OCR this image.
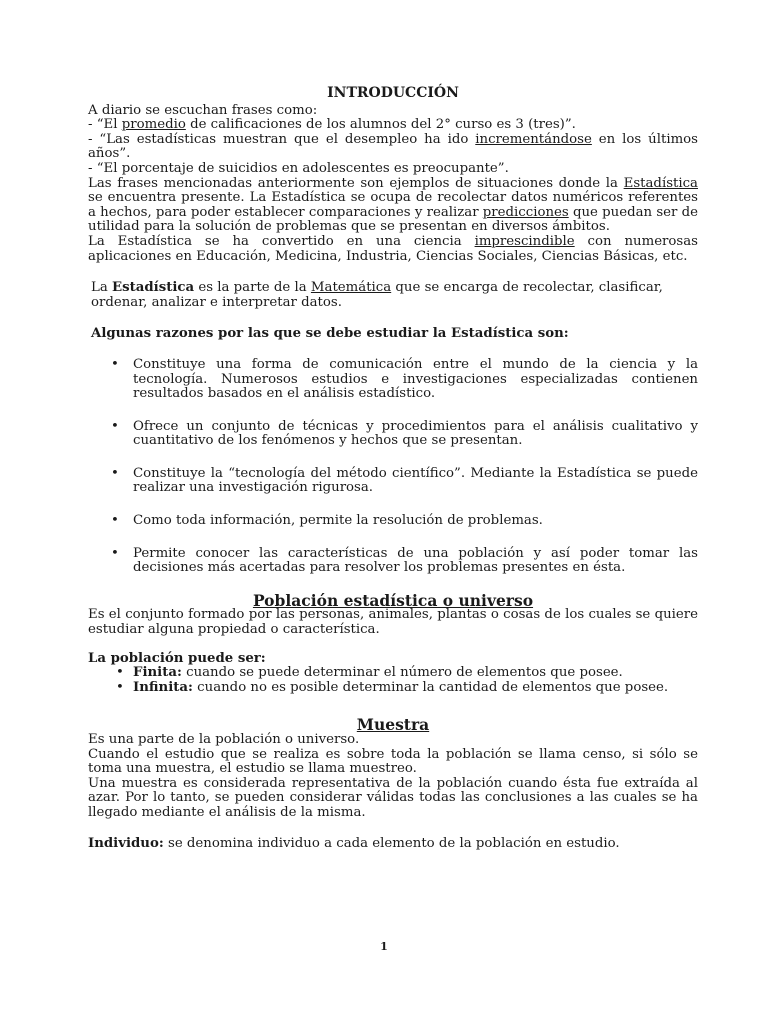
INTRODUCCIÓN

A diario se escuchan frases como:

- “El promedio de calificaciones de los alumnos del 2° curso es 3 (tres)”.

- “Las estadísticas muestran que el desempleo ha ido incrementándose en los últimos años”.

- “El porcentaje de suicidios en adolescentes es preocupante”.

Las frases mencionadas anteriormente son ejemplos de situaciones donde la Estadística se encuentra presente. La Estadística se ocupa de recolectar datos numéricos referentes a hechos, para poder establecer comparaciones y realizar predicciones que puedan ser de utilidad para la solución de problemas que se presentan en diversos ámbitos.

La Estadística se ha convertido en una ciencia imprescindible con numerosas aplicaciones en Educación, Medicina, Industria, Ciencias Sociales, Ciencias Básicas, etc.

La Estadística es la parte de la Matemática que se encarga de recolectar, clasificar, ordenar, analizar e interpretar datos.

Algunas razones por las que se debe estudiar la Estadística son:

• Constituye una forma de comunicación entre el mundo de la ciencia y la tecnología. Numerosos estudios e investigaciones especializadas contienen resultados basados en el análisis estadístico.
• Ofrece un conjunto de técnicas y procedimientos para el análisis cualitativo y cuantitativo de los fenómenos y hechos que se presentan.
• Constituye la “tecnología del método científico”. Mediante la Estadística se puede realizar una investigación rigurosa.
• Como toda información, permite la resolución de problemas.
• Permite conocer las características de una población y así poder tomar las decisiones más acertadas para resolver los problemas presentes en ésta.
Población estadística o universo

Es el conjunto formado por las personas, animales, plantas o cosas de los cuales se quiere estudiar alguna propiedad o característica.

La población puede ser:

• Finita: cuando se puede determinar el número de elementos que posee.
• Infinita: cuando no es posible determinar la cantidad de elementos que posee.
Muestra

Es una parte de la población o universo.

Cuando el estudio que se realiza es sobre toda la población se llama censo, si sólo se toma una muestra, el estudio se llama muestreo.

Una muestra es considerada representativa de la población cuando ésta fue extraída al azar. Por lo tanto, se pueden considerar válidas todas las conclusiones a las cuales se ha llegado mediante el análisis de la misma.

Individuo: se denomina individuo a cada elemento de la población en estudio.

1
